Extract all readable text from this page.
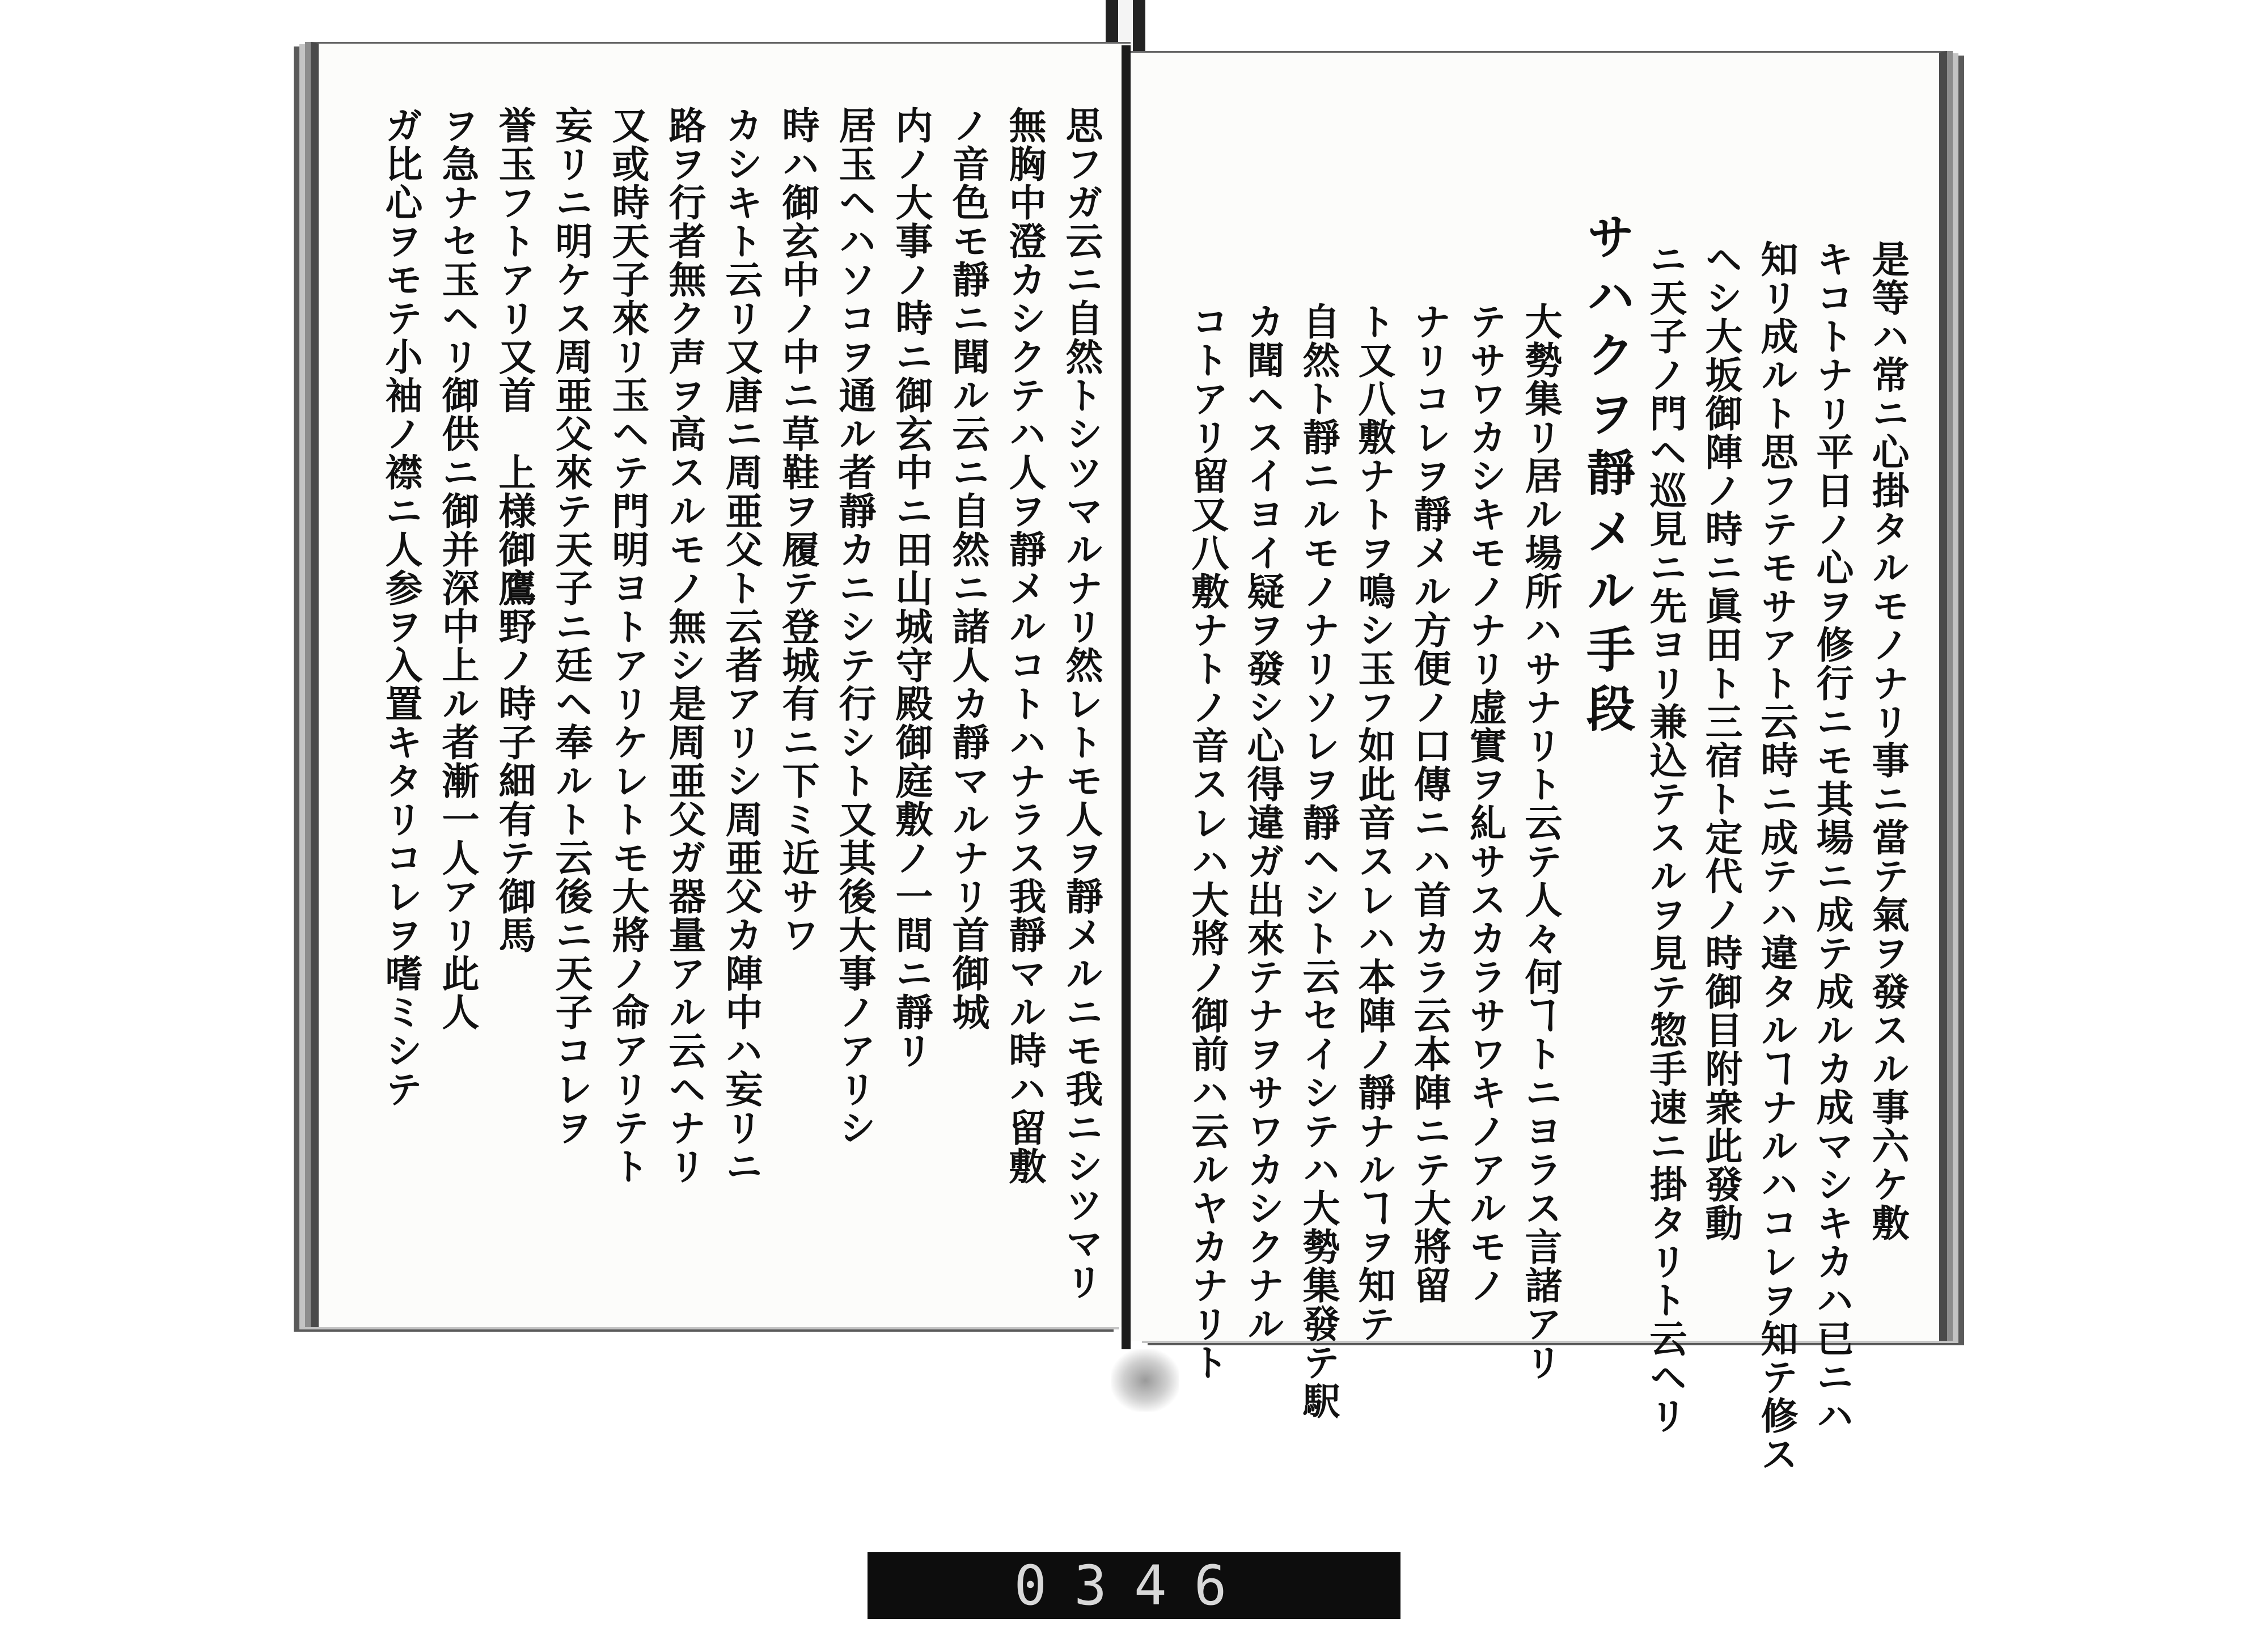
思フガ云ニ自然トシツマルナリ然レトモ人ヲ靜メルニモ我ニシツマリ
無胸中澄カシクテハ人ヲ靜メルコトハナラス我靜マル時ハ留敷
ノ音色モ靜ニ聞ル云ニ自然ニ諸人カ靜マルナリ首御城
内ノ大事ノ時ニ御玄中ニ田山城守殿御庭敷ノ一間ニ靜リ
居玉ヘハソコヲ通ル者靜カニシテ行シト又其後大事ノアリシ
時ハ御玄中ノ中ニ草鞋ヲ履テ登城有ニ下ミ近サワ
カシキト云リ又唐ニ周亜父ト云者アリシ周亜父カ陣中ハ妄リニ
路ヲ行者無ク声ヲ高スルモノ無シ是周亜父ガ器量アル云ヘナリ
又或時天子來リ玉ヘテ門明ヨトアリケレトモ大將ノ命アリテト
妄リニ明ケス周亜父來テ天子ニ廷ヘ奉ルト云後ニ天子コレヲ
誉玉フトアリ又首　上様御鷹野ノ時子細有テ御馬
ヲ急ナセ玉ヘリ御供ニ御并深中上ル者漸一人アリ此人
ガ比心ヲモテ小袖ノ襟ニ人参ヲ入置キタリコレヲ嗜ミシテ	是等ハ常ニ心掛タルモノナリ事ニ當テ氣ヲ發スル事六ケ敷
キコトナリ平日ノ心ヲ修行ニモ其場ニ成テ成ルカ成マシキカハ已ニハ
知リ成ルト思フテモサアト云時ニ成テハ違タルヿナルハコレヲ知テ修ス
ヘシ大坂御陣ノ時ニ眞田ト三宿ト定代ノ時御目附衆此發動
ニ天子ノ門ヘ巡見ニ先ヨリ兼込テスルヲ見テ惣手速ニ掛タリト云ヘリ
サハクヲ靜メル手段
大勢集リ居ル場所ハサナリト云テ人々何ヿトニヨラス言諸アリ
テサワカシキモノナリ虚實ヲ糺サスカラサワキノアルモノ
ナリコレヲ靜メル方便ノ口傳ニハ首カラ云本陣ニテ大將留
ト又八敷ナトヲ鳴シ玉フ如此音スレハ本陣ノ靜ナルヿヲ知テ
自然ト靜ニルモノナリソレヲ靜ヘシト云セイシテハ大勢集發テ駅
カ聞ヘスイヨイ疑ヲ發シ心得違ガ出來テナヲサワカシクナル
コトアリ留又八敷ナトノ音スレハ大將ノ御前ハ云ルヤカナリト
0346
